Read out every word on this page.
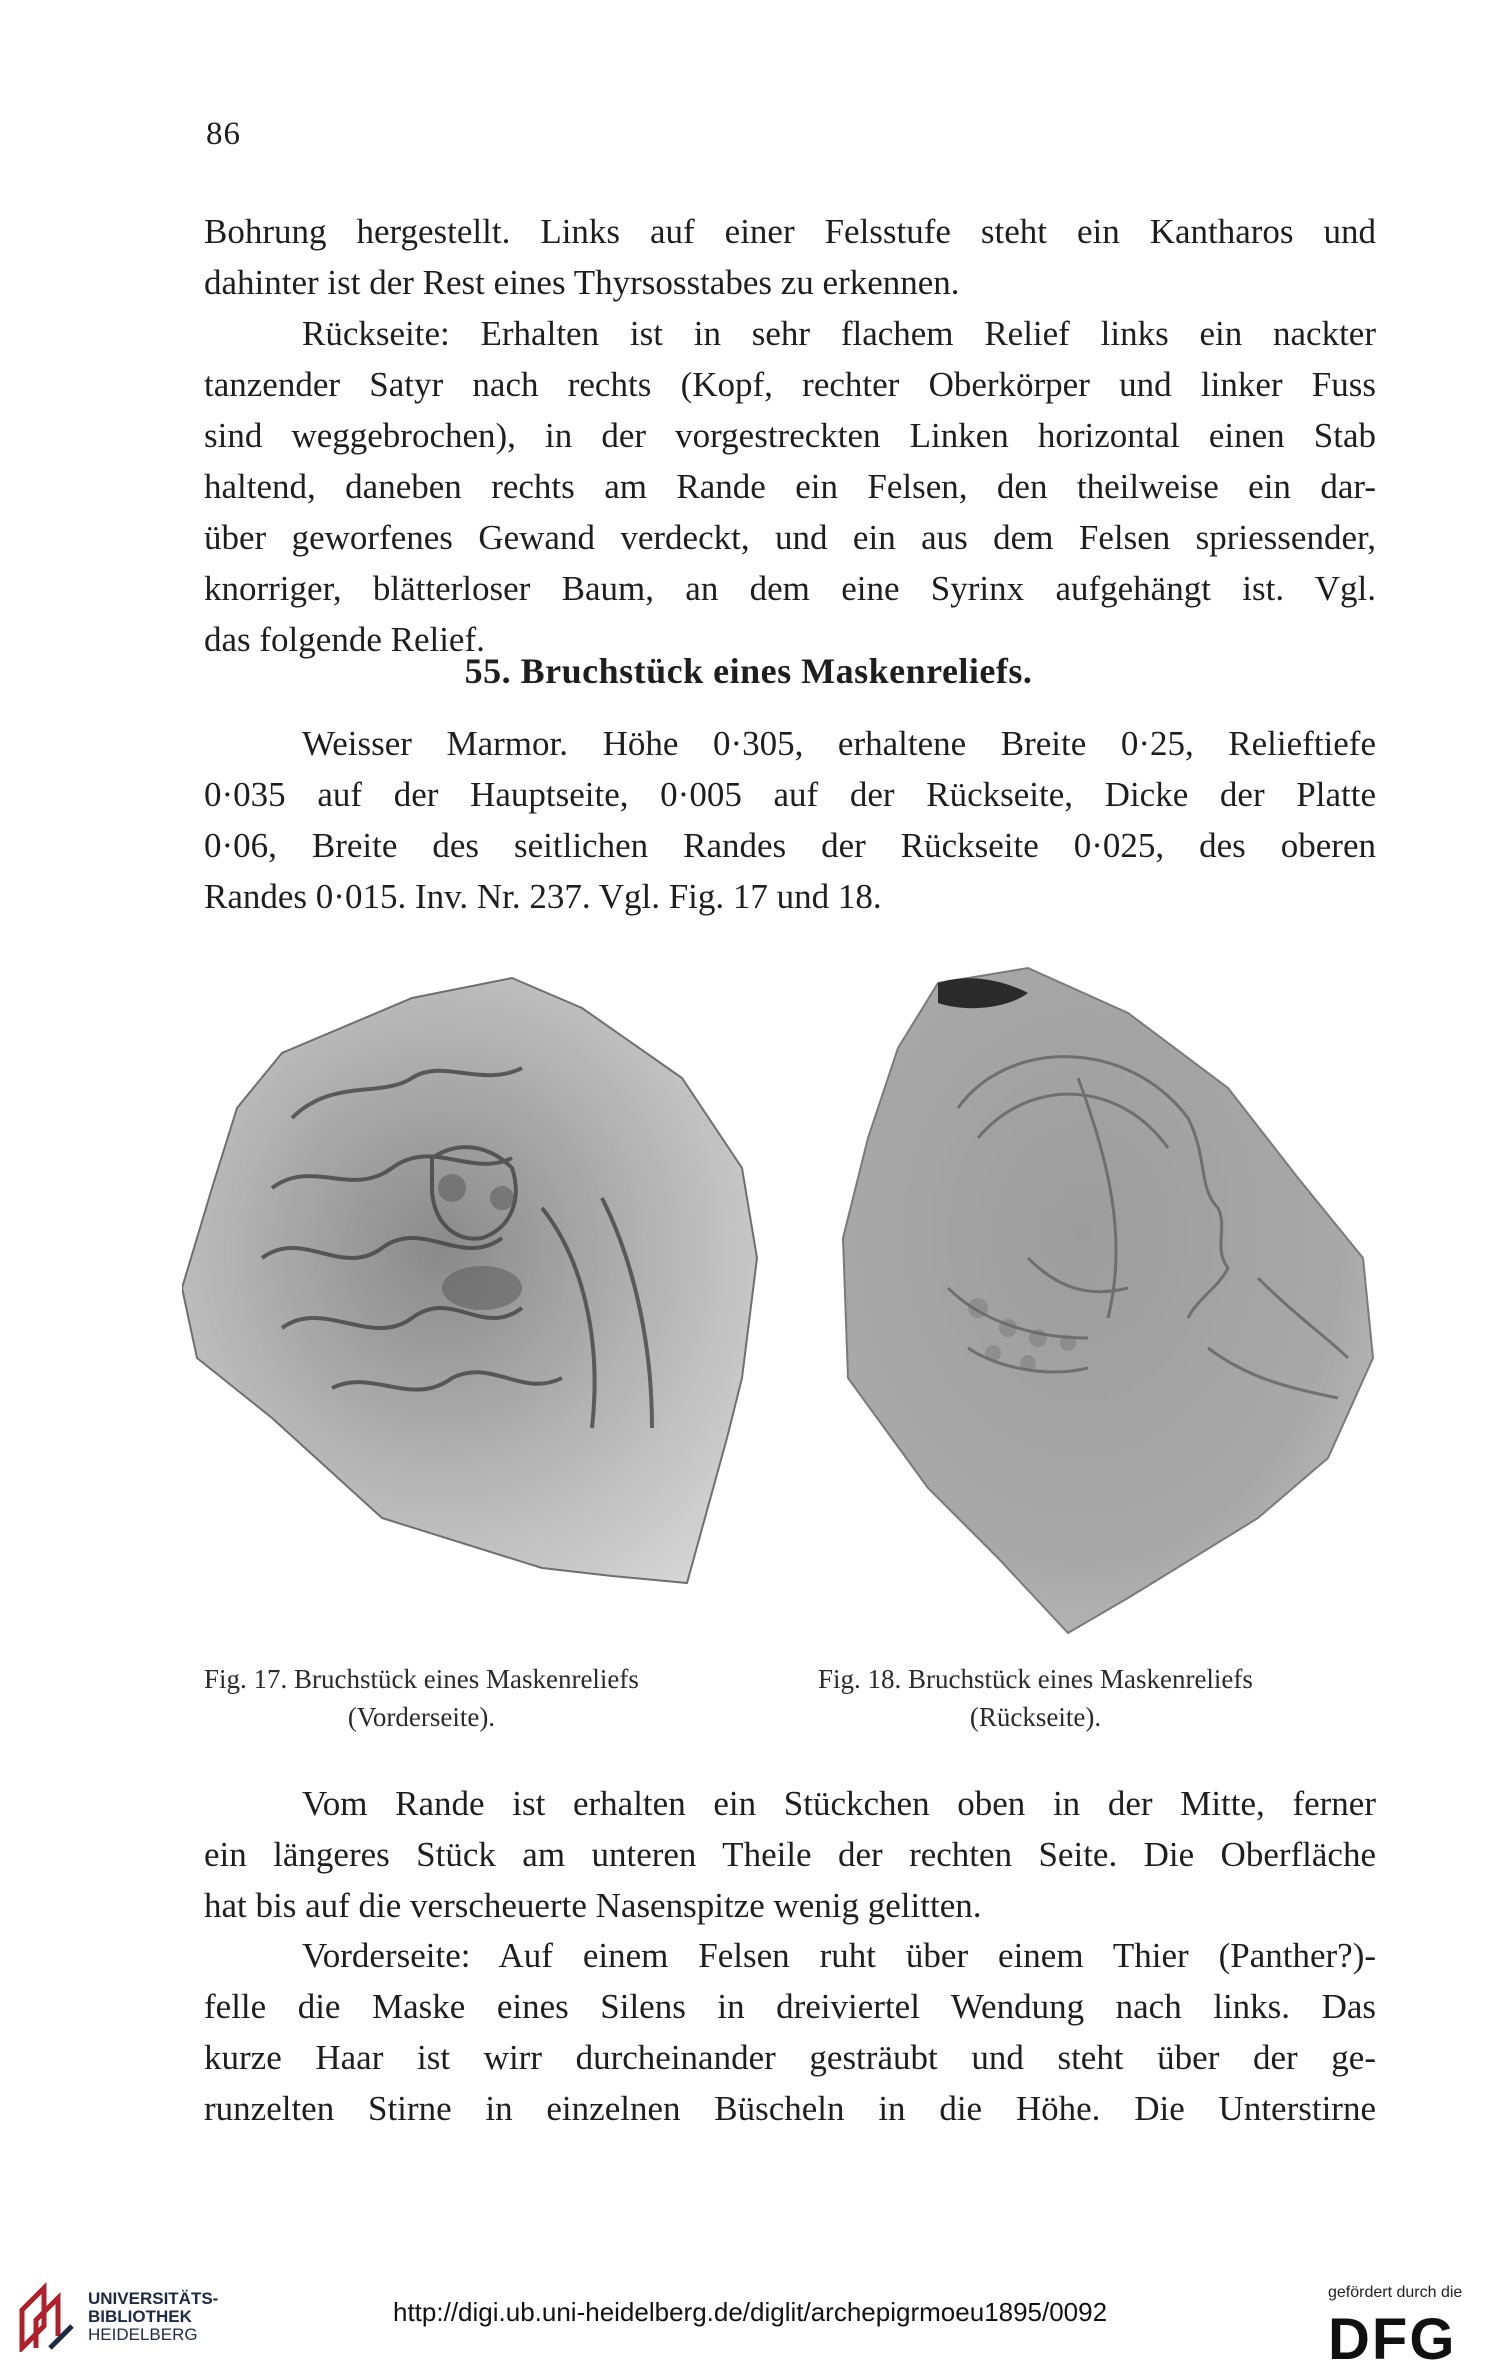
86

Bohrung hergestellt. Links auf einer Felsstufe steht ein Kantharos und

dahinter ist der Rest eines Thyrsosstabes zu erkennen.

Rückseite: Erhalten ist in sehr flachem Relief links ein nackter

tanzender Satyr nach rechts (Kopf, rechter Oberkörper und linker Fuss

sind weggebrochen), in der vorgestreckten Linken horizontal einen Stab

haltend, daneben rechts am Rande ein Felsen, den theilweise ein dar-

über geworfenes Gewand verdeckt, und ein aus dem Felsen spriessender,

knorriger, blätterloser Baum, an dem eine Syrinx aufgehängt ist. Vgl.

das folgende Relief.

55. Bruchstück eines Maskenreliefs.

Weisser Marmor. Höhe 0·305, erhaltene Breite 0·25, Relieftiefe

0·035 auf der Hauptseite, 0·005 auf der Rückseite, Dicke der Platte

0·06, Breite des seitlichen Randes der Rückseite 0·025, des oberen

Randes 0·015. Inv. Nr. 237. Vgl. Fig. 17 und 18.

Fig. 17. Bruchstück eines Maskenreliefs
(Vorderseite).
Fig. 18. Bruchstück eines Maskenreliefs
(Rückseite).

Vom Rande ist erhalten ein Stückchen oben in der Mitte, ferner

ein längeres Stück am unteren Theile der rechten Seite. Die Oberfläche

hat bis auf die verscheuerte Nasenspitze wenig gelitten.

Vorderseite: Auf einem Felsen ruht über einem Thier (Panther?)-

felle die Maske eines Silens in dreiviertel Wendung nach links. Das

kurze Haar ist wirr durcheinander gesträubt und steht über der ge-

runzelten Stirne in einzelnen Büscheln in die Höhe. Die Unterstirne

UNIVERSITÄTS-
BIBLIOTHEK
HEIDELBERG
http://digi.ub.uni-heidelberg.de/diglit/archepigrmoeu1895/0092
gefördert durch die
DFG
